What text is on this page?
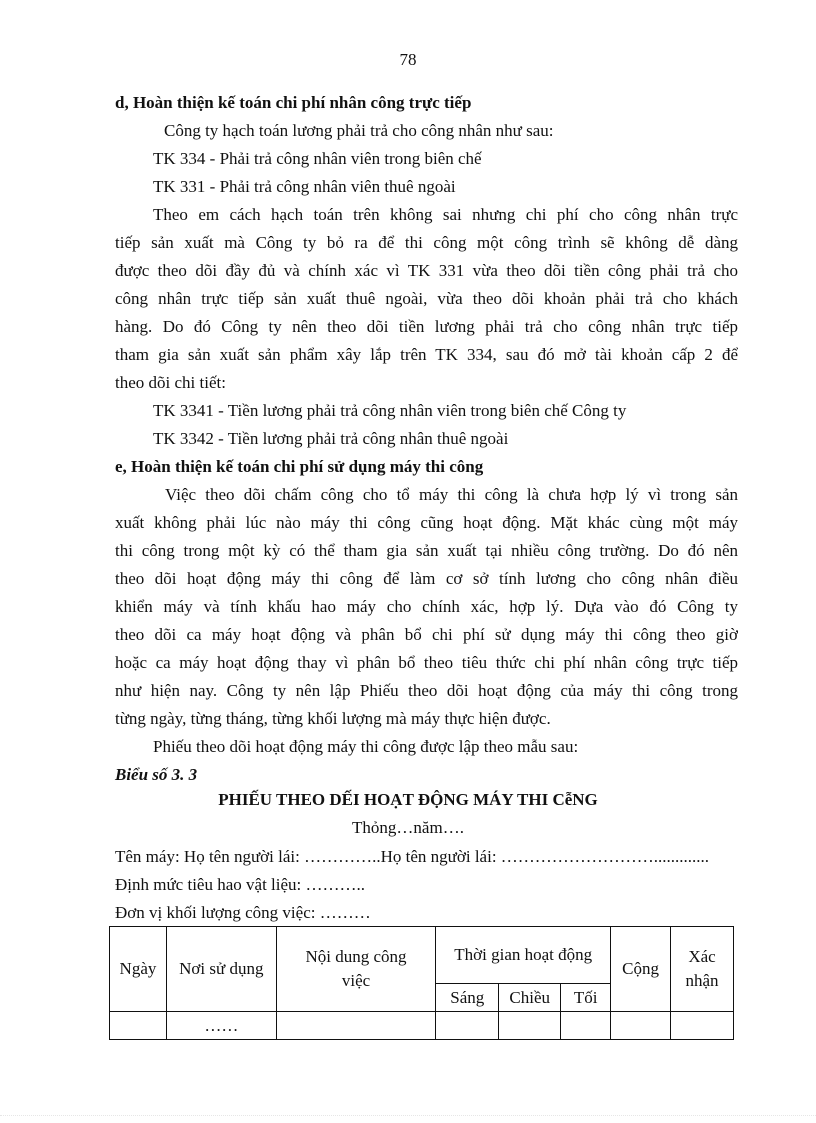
78
d, Hoàn thiện kế toán chi phí nhân công trực tiếp
Công ty hạch toán lương phải trả cho công nhân như sau:
TK 334 - Phải trả công nhân viên trong biên chế
TK 331 - Phải trả công nhân viên thuê ngoài
Theo em cách hạch toán trên không sai nhưng chi phí cho công nhân trực
tiếp sản xuất mà Công ty bỏ ra để thi công một công trình sẽ không dễ dàng
được theo dõi đầy đủ và chính xác vì TK 331 vừa theo dõi tiền công phải trả cho
công nhân trực tiếp sản xuất thuê ngoài, vừa theo dõi khoản phải trả cho khách
hàng. Do đó Công ty nên theo dõi tiền lương phải trả cho công nhân trực tiếp
tham gia sản xuất sản phẩm xây lắp trên TK 334, sau đó mở tài khoản cấp 2 để
theo dõi chi tiết:
TK 3341 - Tiền lương phải trả công nhân viên trong biên chế Công ty
TK 3342 - Tiền lương phải trả công nhân thuê ngoài
e, Hoàn thiện kế toán chi phí sử dụng máy thi công
Việc theo dõi chấm công cho tổ máy thi công là chưa hợp lý vì trong sản
xuất không phải lúc nào máy thi công cũng hoạt động. Mặt khác cùng một máy
thi công trong một kỳ có thể tham gia sản xuất tại nhiều công trường. Do đó nên
theo dõi hoạt động máy thi công để làm cơ sở tính lương cho công nhân điều
khiển máy và tính khấu hao máy cho chính xác, hợp lý. Dựa vào đó Công ty
theo dõi ca máy hoạt động và phân bổ chi phí sử dụng máy thi công theo giờ
hoặc ca máy hoạt động thay vì phân bổ theo tiêu thức chi phí nhân công trực tiếp
như hiện nay. Công ty nên lập Phiếu theo dõi hoạt động của máy thi công trong
từng ngày, từng tháng, từng khối lượng mà máy thực hiện được.
Phiếu theo dõi hoạt động máy thi công được lập theo mẫu sau:
Biểu số 3. 3
PHIẾU THEO DẾI HOẠT ĐỘNG MÁY THI CễNG
Thỏng…năm….
Tên máy: Họ tên người lái: …………..Họ tên người lái: ……………………….............
Định mức tiêu hao vật liệu: ………..
Đơn vị khối lượng công việc: ………
Ngày	Nơi sử dụng	Nội dung công
việc	Thời gian hoạt động			Cộng	Xác
nhận
			Sáng	Chiều	Tối		
	……						
